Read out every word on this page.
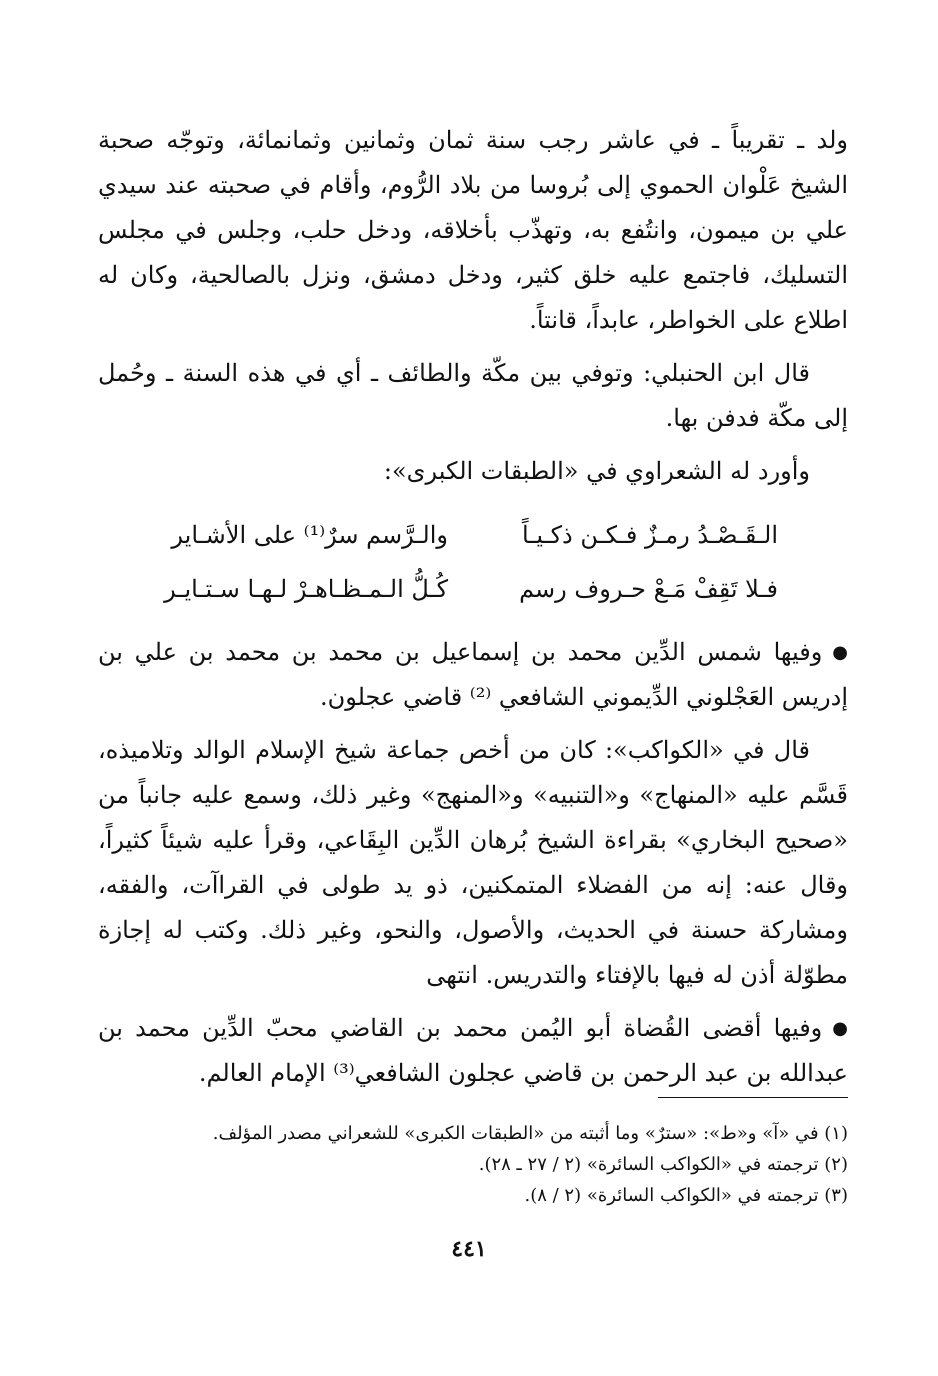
ولد ـ تقريباً ـ في عاشر رجب سنة ثمان وثمانين وثمانمائة، وتوجّه صحبة الشيخ عَلْوان الحموي إلى بُروسا من بلاد الرُّوم، وأقام في صحبته عند سيدي علي بن ميمون، وانتُفع به، وتهذّب بأخلاقه، ودخل حلب، وجلس في مجلس التسليك، فاجتمع عليه خلق كثير، ودخل دمشق، ونزل بالصالحية، وكان له اطلاع على الخواطر، عابداً، قانتاً.

قال ابن الحنبلي: وتوفي بين مكّة والطائف ـ أي في هذه السنة ـ وحُمل إلى مكّة فدفن بها.

وأورد له الشعراوي في «الطبقات الكبرى»:

الـقَـصْـدُ رمـزٌ فـكـن ذكـيـاً
والـرَّسم سرٌ⁽¹⁾ على الأشـاير
فـلا تَقِفْ مَـعْ حـروف رسم
كُـلُّ الـمـظـاهـرْ لـهـا سـتـايـر

●وفيها شمس الدِّين محمد بن إسماعيل بن محمد بن محمد بن علي بن إدريس العَجْلوني الدِّيموني الشافعي ⁽²⁾ قاضي عجلون.

قال في «الكواكب»: كان من أخص جماعة شيخ الإسلام الوالد وتلاميذه، قَسَّم عليه «المنهاج» و«التنبيه» و«المنهج» وغير ذلك، وسمع عليه جانباً من «صحيح البخاري» بقراءة الشيخ بُرهان الدِّين البِقَاعي، وقرأ عليه شيئاً كثيراً، وقال عنه: إنه من الفضلاء المتمكنين، ذو يد طولى في القراآت، والفقه، ومشاركة حسنة في الحديث، والأصول، والنحو، وغير ذلك. وكتب له إجازة مطوّلة أذن له فيها بالإفتاء والتدريس. انتهى

●وفيها أقضى القُضاة أبو اليُمن محمد بن القاضي محبّ الدِّين محمد بن عبدالله بن عبد الرحمن بن قاضي عجلون الشافعي⁽³⁾ الإمام العالم.

(١) في «آ» و«ط»: «سترٌ» وما أثبته من «الطبقات الكبرى» للشعراني مصدر المؤلف.

(٢) ترجمته في «الكواكب السائرة» (٢ / ٢٧ ـ ٢٨).

(٣) ترجمته في «الكواكب السائرة» (٢ / ٨).

٤٤١
